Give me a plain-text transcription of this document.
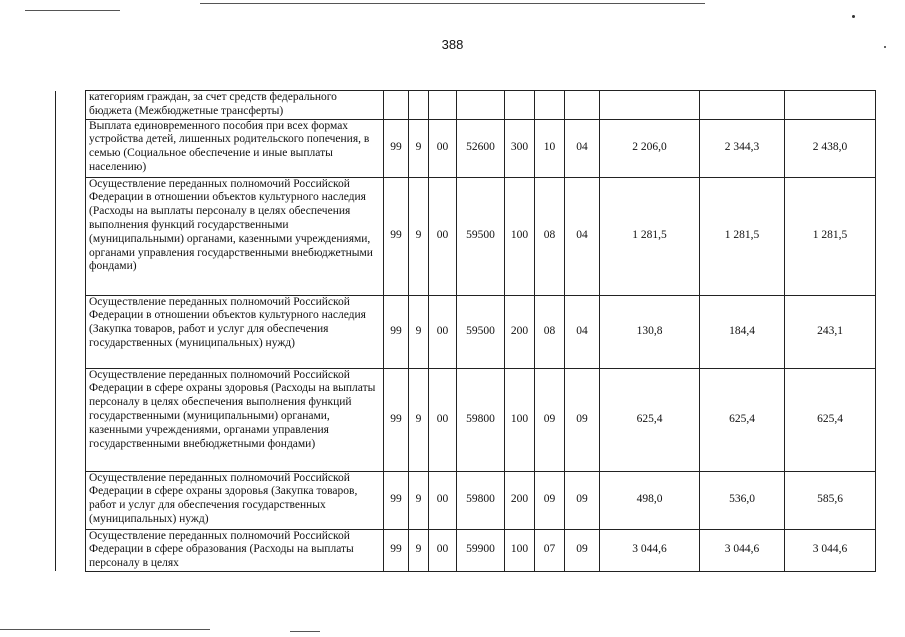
388
	категориям граждан, за счет средств федерального бюджета (Межбюджетные трансферты)										
	Выплата единовременного пособия при всех формах устройства детей, лишенных родительского попечения, в семью (Социальное обеспечение и иные выплаты населению)	99	9	00	52600	300	10	04	2 206,0	2 344,3	2 438,0
	Осуществление переданных полномочий Российской Федерации в отношении объектов культурного наследия (Расходы на выплаты персоналу в целях обеспечения выполнения функций государственными (муниципальными) органами, казенными учреждениями, органами управления государственными внебюджетными фондами)	99	9	00	59500	100	08	04	1 281,5	1 281,5	1 281,5
	Осуществление переданных полномочий Российской Федерации в отношении объектов культурного наследия (Закупка товаров, работ и услуг для обеспечения государственных (муниципальных) нужд)	99	9	00	59500	200	08	04	130,8	184,4	243,1
	Осуществление переданных полномочий Российской Федерации в сфере охраны здоровья (Расходы на выплаты персоналу в целях обеспечения выполнения функций государственными (муниципальными) органами, казенными учреждениями, органами управления государственными внебюджетными фондами)	99	9	00	59800	100	09	09	625,4	625,4	625,4
	Осуществление переданных полномочий Российской Федерации в сфере охраны здоровья (Закупка товаров, работ и услуг для обеспечения государственных (муниципальных) нужд)	99	9	00	59800	200	09	09	498,0	536,0	585,6
	Осуществление переданных полномочий Российской Федерации в сфере образования (Расходы на выплаты персоналу в целях	99	9	00	59900	100	07	09	3 044,6	3 044,6	3 044,6
